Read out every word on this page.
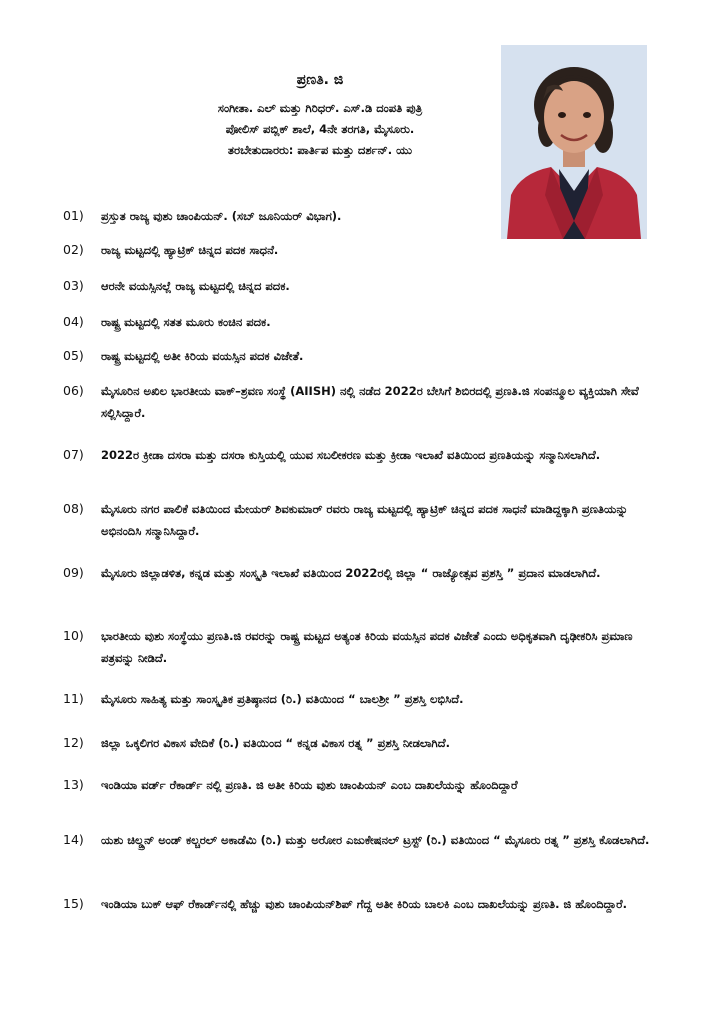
ಪ್ರಣತಿ. ಜಿ
ಸಂಗೀತಾ. ಎಲ್ ಮತ್ತು ಗಿರಿಧರ್. ಎಸ್.ಡಿ ದಂಪತಿ ಪುತ್ರಿ
ಪೋಲಿಸ್ ಪಬ್ಲಿಕ್ ಶಾಲೆ, 4ನೇ ತರಗತಿ, ಮೈಸೂರು.
ತರಬೇತುದಾರರು: ಪಾರ್ತಿಪ ಮತ್ತು ದರ್ಶನ್. ಯು
01)	ಪ್ರಸ್ತುತ ರಾಜ್ಯ ವುಶು ಚಾಂಪಿಯನ್. (ಸಬ್ ಜೂನಿಯರ್ ವಿಭಾಗ).
02)	ರಾಜ್ಯ ಮಟ್ಟದಲ್ಲಿ ಹ್ಯಾಟ್ರಿಕ್ ಚಿನ್ನದ ಪದಕ ಸಾಧನೆ.
03)	ಆರನೇ ವಯಸ್ಸಿನಲ್ಲೆ ರಾಜ್ಯ ಮಟ್ಟದಲ್ಲಿ ಚಿನ್ನದ ಪದಕ.
04)	ರಾಷ್ಟ್ರ ಮಟ್ಟದಲ್ಲಿ ಸತತ ಮೂರು ಕಂಚಿನ ಪದಕ.
05)	ರಾಷ್ಟ್ರ ಮಟ್ಟದಲ್ಲಿ ಅತೀ ಕಿರಿಯ ವಯಸ್ಸಿನ ಪದಕ ವಿಜೇತೆ.
06)	ಮೈಸೂರಿನ ಅಖಿಲ ಭಾರತೀಯ ವಾಕ್–ಶ್ರವಣ ಸಂಸ್ಥೆ (AIISH) ನಲ್ಲಿ ನಡೆದ 2022ರ ಬೇಸಿಗೆ ಶಿಬಿರದಲ್ಲಿ ಪ್ರಣತಿ.ಜಿ ಸಂಪನ್ಮೂಲ ವ್ಯಕ್ತಿಯಾಗಿ ಸೇವೆ ಸಲ್ಲಿಸಿದ್ದಾರೆ.
07)	2022ರ ಕ್ರೀಡಾ ದಸರಾ ಮತ್ತು ದಸರಾ ಕುಸ್ತಿಯಲ್ಲಿ ಯುವ ಸಬಲೀಕರಣ ಮತ್ತು ಕ್ರೀಡಾ ಇಲಾಖೆ ವತಿಯಿಂದ ಪ್ರಣತಿಯನ್ನು ಸನ್ಮಾನಿಸಲಾಗಿದೆ.
08)	ಮೈಸೂರು ನಗರ ಪಾಲಿಕೆ ವತಿಯಿಂದ ಮೇಯರ್ ಶಿವಕುಮಾರ್ ರವರು ರಾಜ್ಯ ಮಟ್ಟದಲ್ಲಿ ಹ್ಯಾಟ್ರಿಕ್ ಚಿನ್ನದ ಪದಕ ಸಾಧನೆ ಮಾಡಿದ್ದಕ್ಕಾಗಿ ಪ್ರಣತಿಯನ್ನು ಅಭಿನಂದಿಸಿ ಸನ್ಮಾನಿಸಿದ್ದಾರೆ.
09)	ಮೈಸೂರು ಜಿಲ್ಲಾಡಳಿತ, ಕನ್ನಡ ಮತ್ತು ಸಂಸ್ಕೃತಿ ಇಲಾಖೆ ವತಿಯಿಂದ 2022ರಲ್ಲಿ ಜಿಲ್ಲಾ “ ರಾಜ್ಯೋತ್ಸವ ಪ್ರಶಸ್ತಿ ” ಪ್ರದಾನ ಮಾಡಲಾಗಿದೆ.
10)	ಭಾರತೀಯ ವುಶು ಸಂಸ್ಥೆಯು ಪ್ರಣತಿ.ಜಿ ರವರನ್ನು ರಾಷ್ಟ್ರ ಮಟ್ಟದ ಅತ್ಯಂತ ಕಿರಿಯ ವಯಸ್ಸಿನ ಪದಕ ವಿಜೇತೆ ಎಂದು ಅಧಿಕೃತವಾಗಿ ದೃಢೀಕರಿಸಿ ಪ್ರಮಾಣ ಪತ್ರವನ್ನು ನೀಡಿದೆ.
11)	ಮೈಸೂರು ಸಾಹಿತ್ಯ ಮತ್ತು ಸಾಂಸ್ಕೃತಿಕ ಪ್ರತಿಷ್ಠಾನದ (ರಿ.) ವತಿಯಿಂದ “ ಬಾಲಶ್ರೀ ” ಪ್ರಶಸ್ತಿ ಲಭಿಸಿದೆ.
12)	ಜಿಲ್ಲಾ ಒಕ್ಕಲಿಗರ ವಿಕಾಸ ವೇದಿಕೆ (ರಿ.) ವತಿಯಿಂದ “ ಕನ್ನಡ ವಿಕಾಸ ರತ್ನ ” ಪ್ರಶಸ್ತಿ ನೀಡಲಾಗಿದೆ.
13)	ಇಂಡಿಯಾ ವರ್ಡ್ ರೆಕಾರ್ಡ್ ನಲ್ಲಿ ಪ್ರಣತಿ. ಜಿ ಅತೀ ಕಿರಿಯ ವುಶು ಚಾಂಪಿಯನ್ ಎಂಬ ದಾಖಲೆಯನ್ನು ಹೊಂದಿದ್ದಾರೆ
14)	ಯಶು ಚಿಲ್ಡ್ರನ್ ಅಂಡ್ ಕಲ್ಚರಲ್ ಅಕಾಡೆಮಿ (ರಿ.) ಮತ್ತು ಅರೋರ ಎಜುಕೇಷನಲ್ ಟ್ರಸ್ಟ್ (ರಿ.) ವತಿಯಿಂದ “ ಮೈಸೂರು ರತ್ನ ” ಪ್ರಶಸ್ತಿ ಕೊಡಲಾಗಿದೆ.
15)	ಇಂಡಿಯಾ ಬುಕ್ ಆಫ್ ರೆಕಾರ್ಡ್‌ನಲ್ಲಿ ಹೆಚ್ಚು ವುಶು ಚಾಂಪಿಯನ್‌ಶಿಪ್ ಗೆದ್ದ ಅತೀ ಕಿರಿಯ ಬಾಲಕಿ ಎಂಬ ದಾಖಲೆಯನ್ನು ಪ್ರಣತಿ. ಜಿ ಹೊಂದಿದ್ದಾರೆ.
